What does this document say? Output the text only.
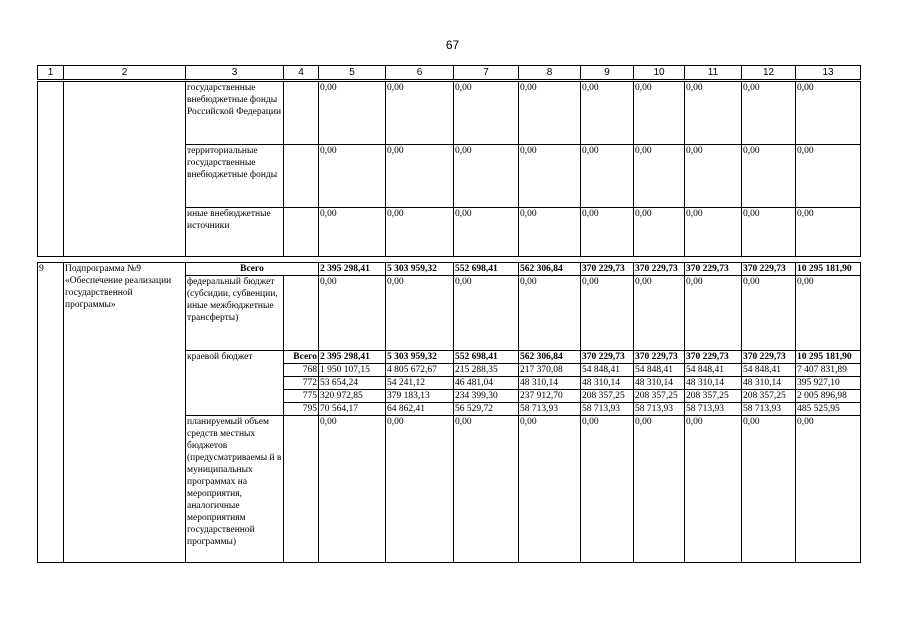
67
1	2	3	4	5	6	7	8	9	10	11	12	13
		государственные внебюджетные фонды Российской Федерации		0,00	0,00	0,00	0,00	0,00	0,00	0,00	0,00	0,00
		территориальные государственные внебюджетные фонды		0,00	0,00	0,00	0,00	0,00	0,00	0,00	0,00	0,00
		иные внебюджетные источники		0,00	0,00	0,00	0,00	0,00	0,00	0,00	0,00	0,00

9	Подпрограмма №9 «Обеспечение реализации государственной программы»	Всего		2 395 298,41	5 303 959,32	552 698,41	562 306,84	370 229,73	370 229,73	370 229,73	370 229,73	10 295 181,90
		федеральный бюджет (субсидии, субвенции, иные межбюджетные трансферты)		0,00	0,00	0,00	0,00	0,00	0,00	0,00	0,00	0,00
		краевой бюджет	Всего	2 395 298,41	5 303 959,32	552 698,41	562 306,84	370 229,73	370 229,73	370 229,73	370 229,73	10 295 181,90
			768	1 950 107,15	4 805 672,67	215 288,35	217 370,08	54 848,41	54 848,41	54 848,41	54 848,41	7 407 831,89
			772	53 654,24	54 241,12	46 481,04	48 310,14	48 310,14	48 310,14	48 310,14	48 310,14	395 927,10
			775	320 972,85	379 183,13	234 399,30	237 912,70	208 357,25	208 357,25	208 357,25	208 357,25	2 005 896,98
			795	70 564,17	64 862,41	56 529,72	58 713,93	58 713,93	58 713,93	58 713,93	58 713,93	485 525,95
		планируемый объем средств местных бюджетов (предусматриваемы й в муниципальных программах на мероприятия, аналогичные мероприятиям государственной программы)		0,00	0,00	0,00	0,00	0,00	0,00	0,00	0,00	0,00
